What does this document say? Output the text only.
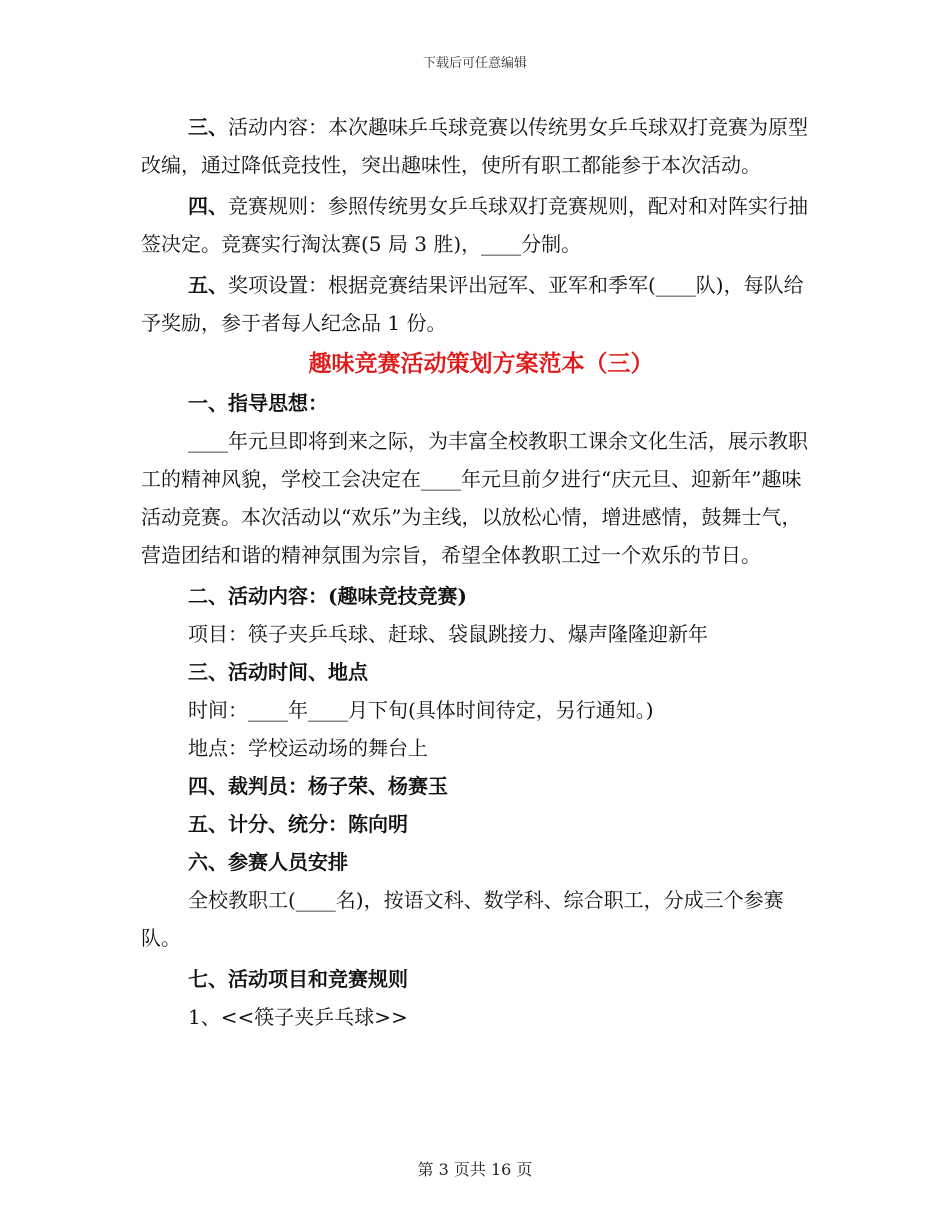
下载后可任意编辑

三、活动内容：本次趣味乒乓球竞赛以传统男女乒乓球双打竞赛为原型改编，通过降低竞技性，突出趣味性，使所有职工都能参于本次活动。

四、竞赛规则：参照传统男女乒乓球双打竞赛规则，配对和对阵实行抽签决定。竞赛实行淘汰赛(5 局 3 胜)，____分制。

五、奖项设置：根据竞赛结果评出冠军、亚军和季军(____队)，每队给予奖励，参于者每人纪念品 1 份。

趣味竞赛活动策划方案范本（三）

一、指导思想：

____年元旦即将到来之际，为丰富全校教职工课余文化生活，展示教职工的精神风貌，学校工会决定在____年元旦前夕进行“庆元旦、迎新年”趣味活动竞赛。本次活动以“欢乐”为主线，以放松心情，增进感情，鼓舞士气，营造团结和谐的精神氛围为宗旨，希望全体教职工过一个欢乐的节日。

二、活动内容：(趣味竞技竞赛)

项目：筷子夹乒乓球、赶球、袋鼠跳接力、爆声隆隆迎新年

三、活动时间、地点

时间：____年____月下旬(具体时间待定，另行通知。)

地点：学校运动场的舞台上

四、裁判员：杨子荣、杨赛玉

五、计分、统分：陈向明

六、参赛人员安排

全校教职工(____名)，按语文科、数学科、综合职工，分成三个参赛队。

七、活动项目和竞赛规则

1、<<筷子夹乒乓球>>

第 3 页共 16 页
